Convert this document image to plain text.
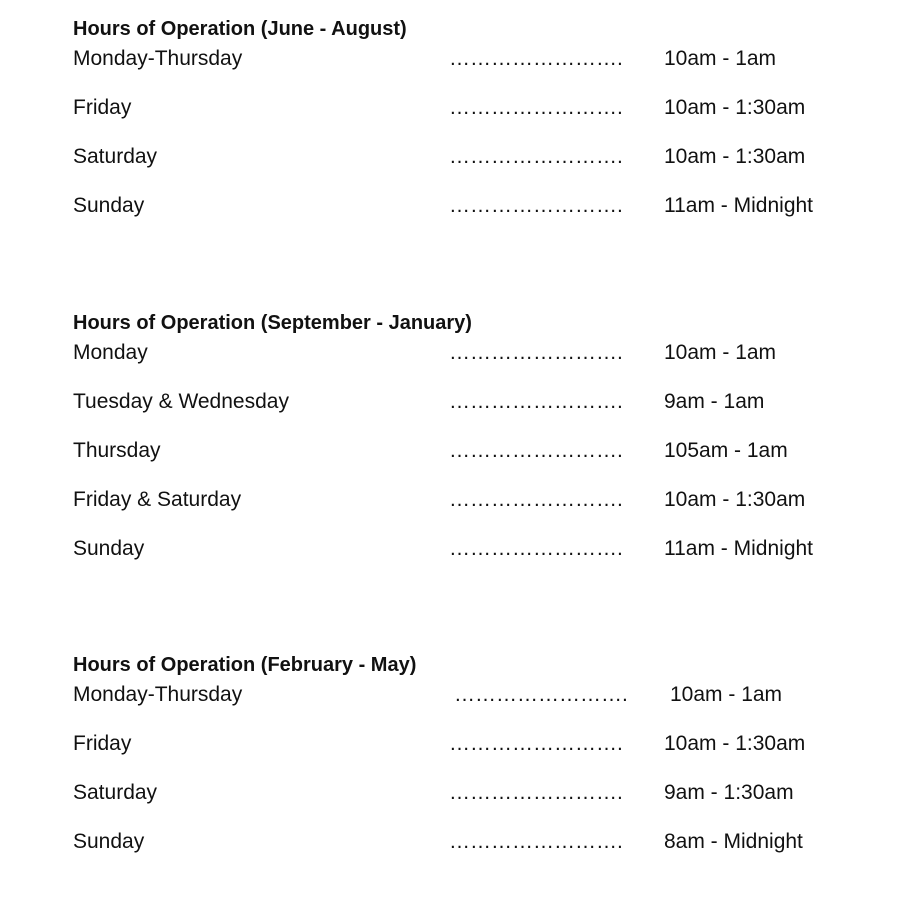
Hours of Operation (June - August)
Monday-Thursday	……………………. 10am - 1am
Friday	……………………. 10am - 1:30am
Saturday	……………………. 10am - 1:30am
Sunday	……………………. 11am - Midnight
Hours of Operation (September - January)
Monday	……………………. 10am - 1am
Tuesday & Wednesday	……………………. 9am - 1am
Thursday	……………………. 105am - 1am
Friday & Saturday	……………………. 10am - 1:30am
Sunday	……………………. 11am - Midnight
Hours of Operation (February - May)
Monday-Thursday	……………………. 10am - 1am
Friday	……………………. 10am - 1:30am
Saturday	……………………. 9am - 1:30am
Sunday	……………………. 8am - Midnight
